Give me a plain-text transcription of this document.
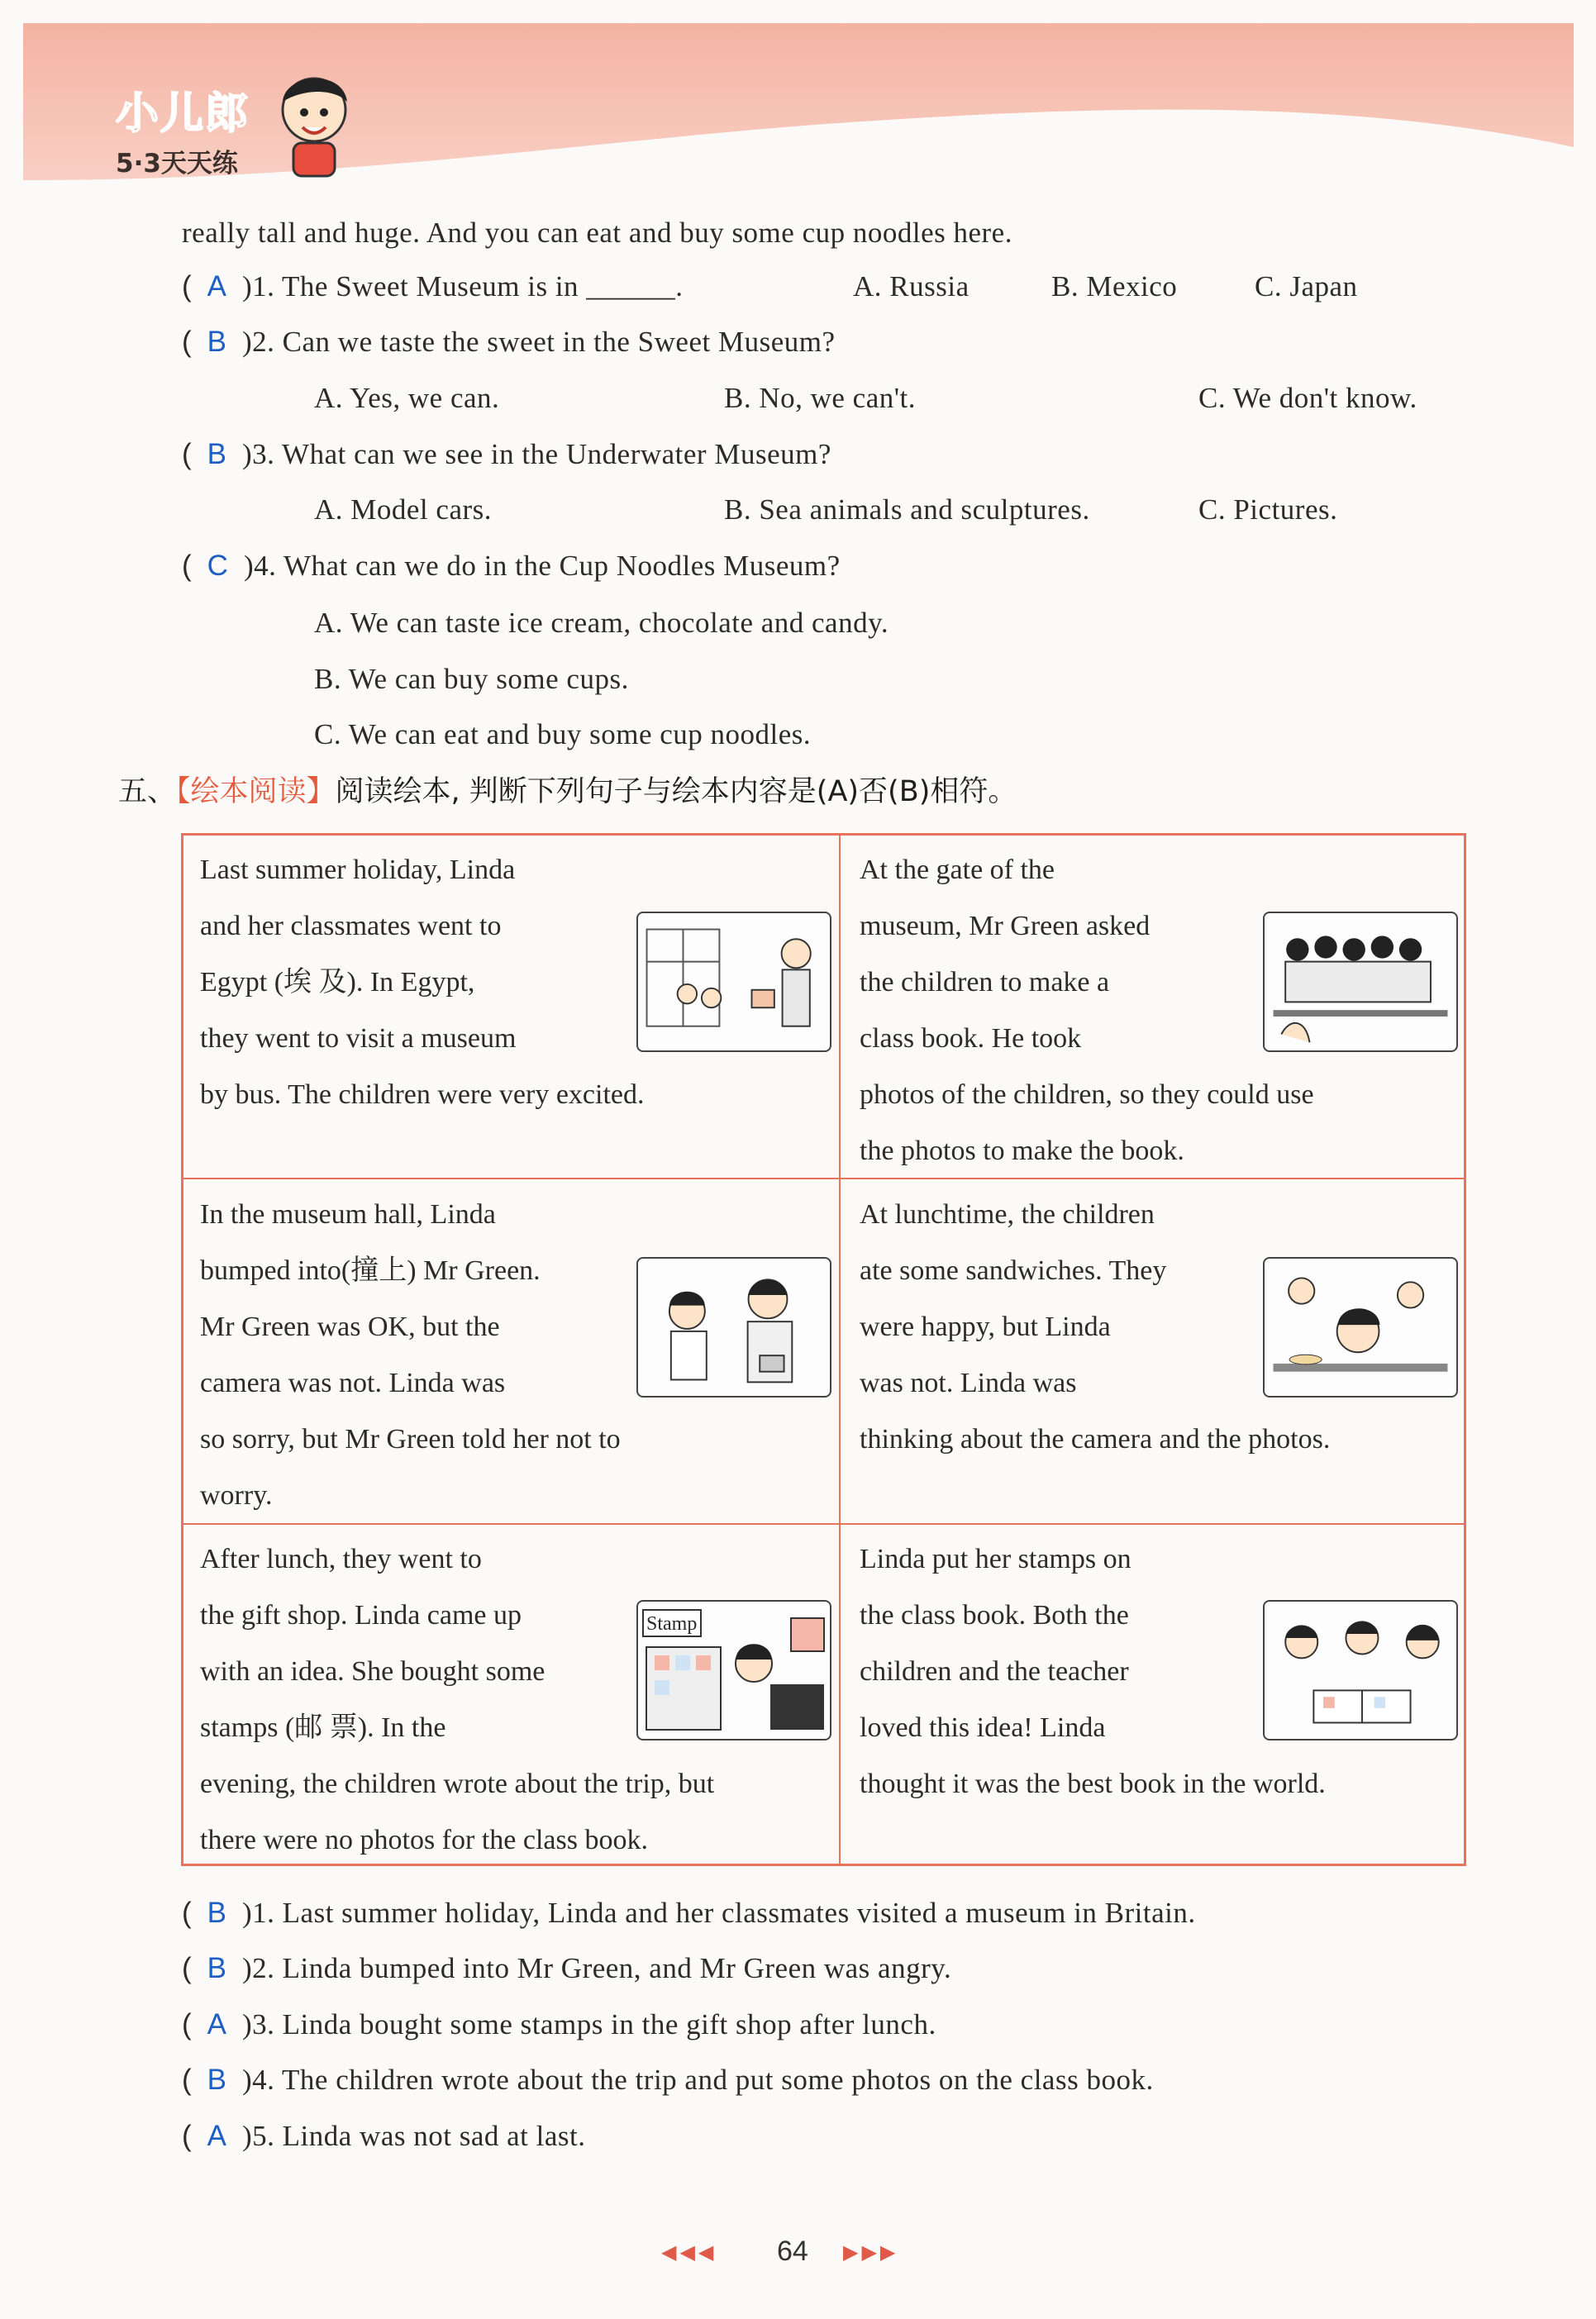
小儿郎
5·3天天练
really tall and huge. And you can eat and buy some cup noodles here.
( A )1. The Sweet Museum is in ______.	A. Russia	B. Mexico	C. Japan
( B )2. Can we taste the sweet in the Sweet Museum?
A. Yes, we can.	B. No, we can't.	C. We don't know.
( B )3. What can we see in the Underwater Museum?
A. Model cars.	B. Sea animals and sculptures.	C. Pictures.
( C )4. What can we do in the Cup Noodles Museum?
A. We can taste ice cream, chocolate and candy.
B. We can buy some cups.
C. We can eat and buy some cup noodles.
五、【绘本阅读】阅读绘本, 判断下列句子与绘本内容是(A)否(B)相符。
Last summer holiday, Linda
and her classmates went to
Egypt (埃 及). In Egypt,
they went to visit a museum
by bus. The children were very excited.
At the gate of the
museum, Mr Green asked
the children to make a
class book. He took
photos of the children, so they could use
the photos to make the book.
In the museum hall, Linda
bumped into(撞上) Mr Green.
Mr Green was OK, but the
camera was not. Linda was
so sorry, but Mr Green told her not to
worry.
At lunchtime, the children
ate some sandwiches. They
were happy, but Linda
was not. Linda was
thinking about the camera and the photos.
After lunch, they went to
the gift shop. Linda came up
with an idea. She bought some
stamps (邮 票). In the
evening, the children wrote about the trip, but
there were no photos for the class book.
Stamp
Linda put her stamps on
the class book. Both the
children and the teacher
loved this idea! Linda
thought it was the best book in the world.
( B )1. Last summer holiday, Linda and her classmates visited a museum in Britain.
( B )2. Linda bumped into Mr Green, and Mr Green was angry.
( A )3. Linda bought some stamps in the gift shop after lunch.
( B )4. The children wrote about the trip and put some photos on the class book.
( A )5. Linda was not sad at last.
◀◀◀ 64 ▶▶▶
